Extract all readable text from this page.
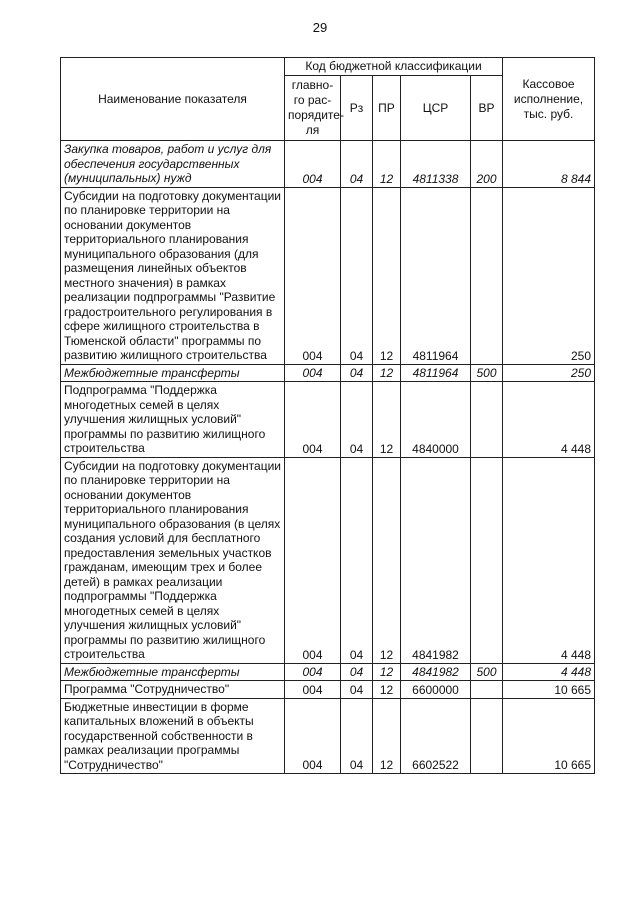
29
Наименование показателя	Код бюджетной классификации					Кассовое исполнение, тыс. руб.
	главно-го рас-порядите-ля	Рз	ПР	ЦСР	ВР	
Закупка товаров, работ и услуг для обеспечения государственных (муниципальных) нужд	004	04	12	4811338	200	8 844
Субсидии на подготовку документации по планировке территории на основании документов территориального планирования муниципального образования (для размещения линейных объектов местного значения) в рамках реализации подпрограммы "Развитие градостроительного регулирования в сфере жилищного строительства в Тюменской области" программы по развитию жилищного строительства	004	04	12	4811964		250
Межбюджетные трансферты	004	04	12	4811964	500	250
Подпрограмма "Поддержка многодетных семей в целях улучшения жилищных условий" программы по развитию жилищного строительства	004	04	12	4840000		4 448
Субсидии на подготовку документации по планировке территории на основании документов территориального планирования муниципального образования (в целях создания условий для бесплатного предоставления земельных участков гражданам, имеющим трех и более детей) в рамках реализации подпрограммы "Поддержка многодетных семей в целях улучшения жилищных условий" программы по развитию жилищного строительства	004	04	12	4841982		4 448
Межбюджетные трансферты	004	04	12	4841982	500	4 448
Программа "Сотрудничество"	004	04	12	6600000		10 665
Бюджетные инвестиции в форме капитальных вложений в объекты государственной собственности в рамках реализации программы "Сотрудничество"	004	04	12	6602522		10 665
